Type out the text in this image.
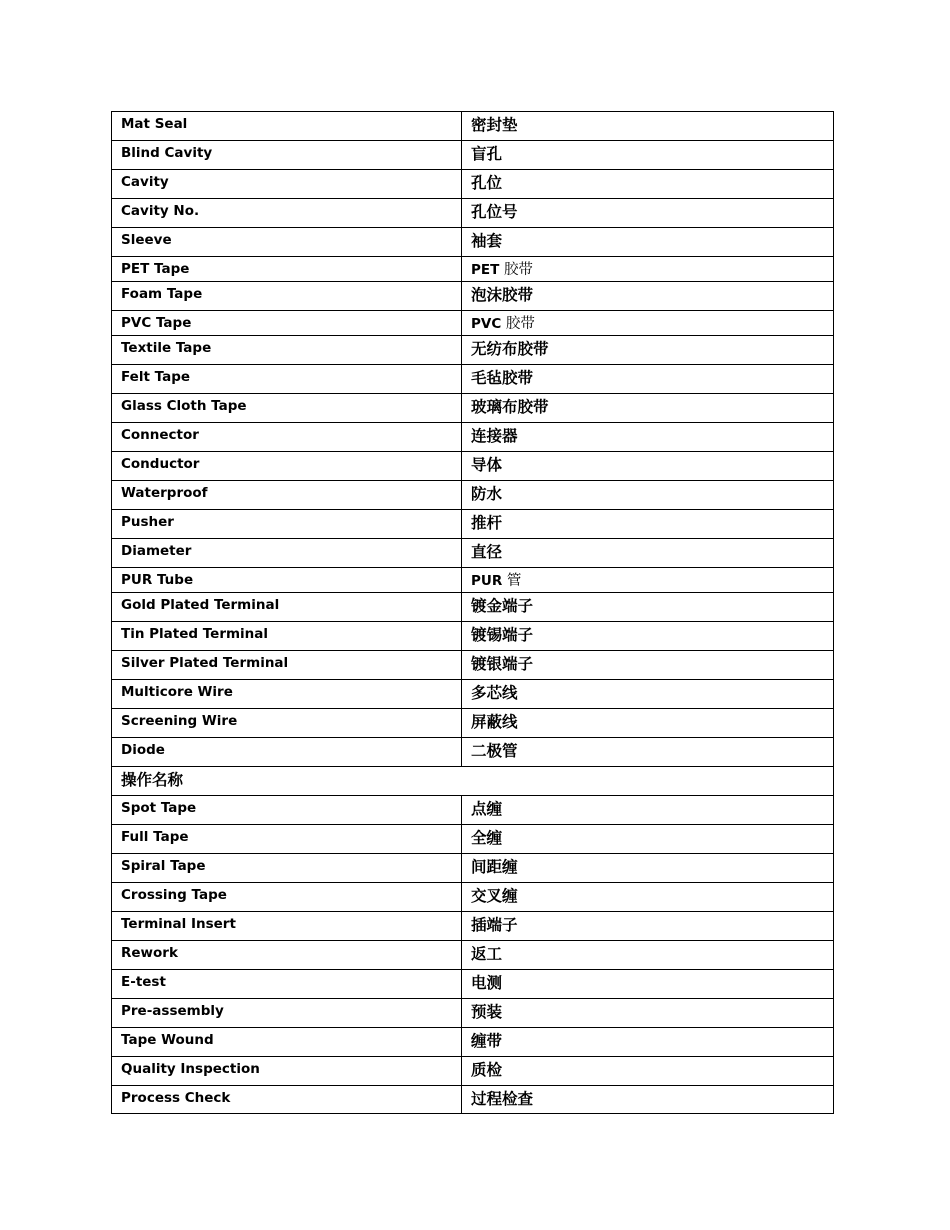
Mat Seal	密封垫
Blind Cavity	盲孔
Cavity	孔位
Cavity No.	孔位号
Sleeve	袖套
PET Tape	PET 胶带
Foam Tape	泡沫胶带
PVC Tape	PVC 胶带
Textile Tape	无纺布胶带
Felt Tape	毛毡胶带
Glass Cloth Tape	玻璃布胶带
Connector	连接器
Conductor	导体
Waterproof	防水
Pusher	推杆
Diameter	直径
PUR Tube	PUR 管
Gold Plated Terminal	镀金端子
Tin Plated Terminal	镀锡端子
Silver Plated Terminal	镀银端子
Multicore Wire	多芯线
Screening Wire	屏蔽线
Diode	二极管
操作名称	
Spot Tape	点缠
Full Tape	全缠
Spiral Tape	间距缠
Crossing Tape	交叉缠
Terminal Insert	插端子
Rework	返工
E-test	电测
Pre-assembly	预装
Tape Wound	缠带
Quality Inspection	质检
Process Check	过程检查
